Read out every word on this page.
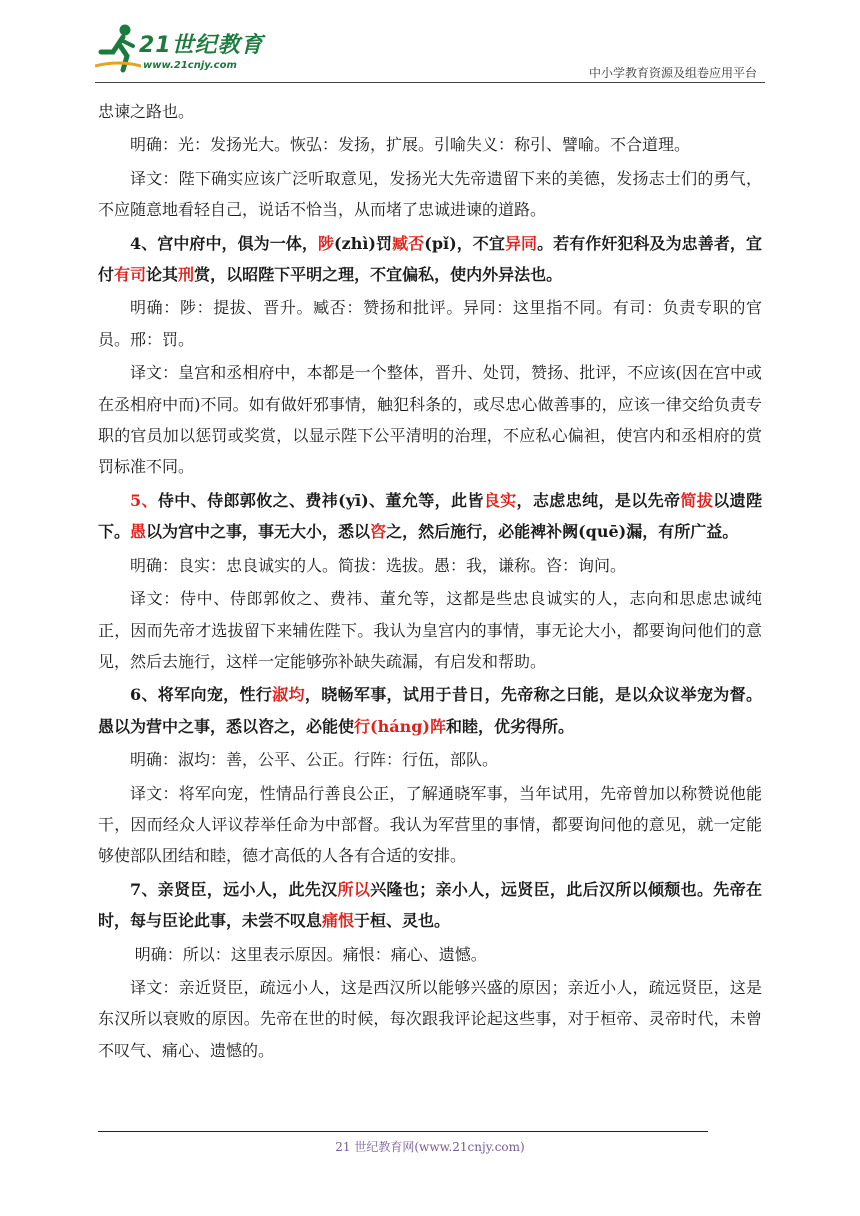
21世纪教育
www.21cnjy.com
中小学教育资源及组卷应用平台

忠谏之路也。

明确：光：发扬光大。恢弘：发扬，扩展。引喻失义：称引、譬喻。不合道理。

译文：陛下确实应该广泛听取意见，发扬光大先帝遗留下来的美德，发扬志士们的勇气，不应随意地看轻自己，说话不恰当，从而堵了忠诚进谏的道路。

4、宫中府中，俱为一体，陟(zhì)罚臧否(pǐ)，不宜异同。若有作奸犯科及为忠善者，宜付有司论其刑赏，以昭陛下平明之理，不宜偏私，使内外异法也。

明确：陟：提拔、晋升。臧否：赞扬和批评。异同：这里指不同。有司：负责专职的官员。邢：罚。

译文：皇宫和丞相府中，本都是一个整体，晋升、处罚，赞扬、批评，不应该(因在宫中或在丞相府中而)不同。如有做奸邪事情，触犯科条的，或尽忠心做善事的，应该一律交给负责专职的官员加以惩罚或奖赏，以显示陛下公平清明的治理，不应私心偏袒，使宫内和丞相府的赏罚标准不同。

5、侍中、侍郎郭攸之、费祎(yī)、董允等，此皆良实，志虑忠纯，是以先帝简拔以遗陛下。愚以为宫中之事，事无大小，悉以咨之，然后施行，必能裨补阙(quē)漏，有所广益。

明确：良实：忠良诚实的人。简拔：选拔。愚：我，谦称。咨：询问。

译文：侍中、侍郎郭攸之、费祎、董允等，这都是些忠良诚实的人，志向和思虑忠诚纯正，因而先帝才选拔留下来辅佐陛下。我认为皇宫内的事情，事无论大小，都要询问他们的意见，然后去施行，这样一定能够弥补缺失疏漏，有启发和帮助。

6、将军向宠，性行淑均，晓畅军事，试用于昔日，先帝称之曰能，是以众议举宠为督。愚以为营中之事，悉以咨之，必能使行(háng)阵和睦，优劣得所。

明确：淑均：善，公平、公正。行阵：行伍，部队。

译文：将军向宠，性情品行善良公正，了解通晓军事，当年试用，先帝曾加以称赞说他能干，因而经众人评议荐举任命为中部督。我认为军营里的事情，都要询问他的意见，就一定能够使部队团结和睦，德才高低的人各有合适的安排。

7、亲贤臣，远小人，此先汉所以兴隆也；亲小人，远贤臣，此后汉所以倾颓也。先帝在时，每与臣论此事，未尝不叹息痛恨于桓、灵也。

明确：所以：这里表示原因。痛恨：痛心、遗憾。

译文：亲近贤臣，疏远小人，这是西汉所以能够兴盛的原因；亲近小人，疏远贤臣，这是东汉所以衰败的原因。先帝在世的时候，每次跟我评论起这些事，对于桓帝、灵帝时代，未曾不叹气、痛心、遗憾的。

21 世纪教育网(www.21cnjy.com)
